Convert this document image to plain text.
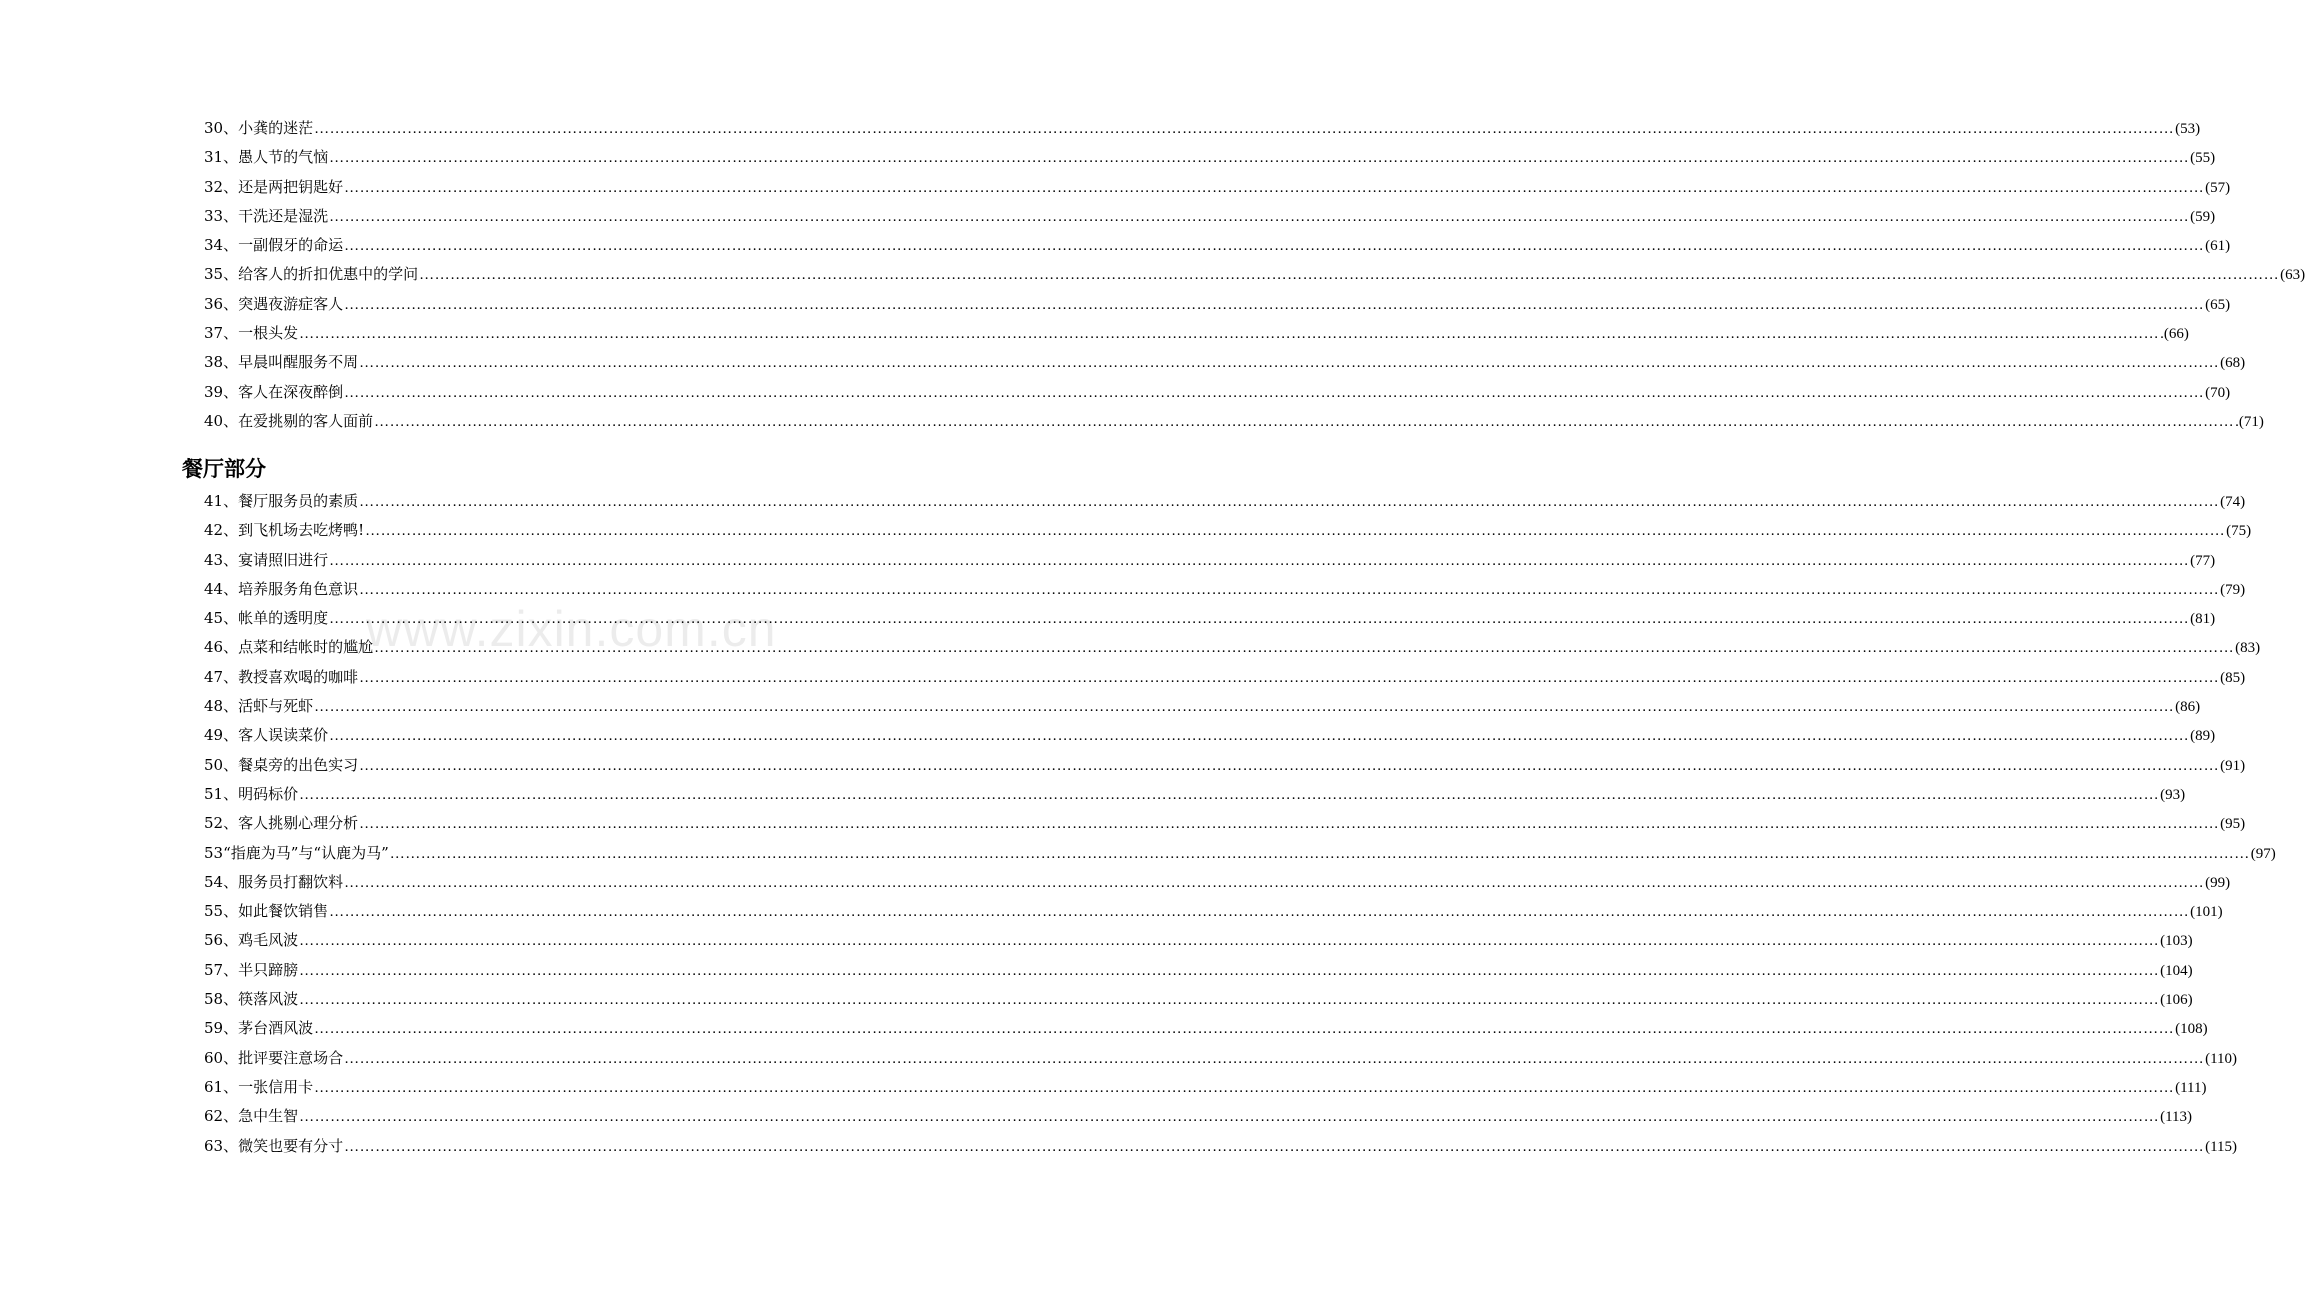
www.zixin.com.cn
30、小龚的迷茫 ……………………………………………………………………………………………………………………………………………………………………………………………………………………………………………………………………………………………………………………………… (53)
31、愚人节的气恼 ……………………………………………………………………………………………………………………………………………………………………………………………………………………………………………………………………………………………………………………………… (55)
32、还是两把钥匙好 ……………………………………………………………………………………………………………………………………………………………………………………………………………………………………………………………………………………………………………………………… (57)
33、干洗还是湿洗 ……………………………………………………………………………………………………………………………………………………………………………………………………………………………………………………………………………………………………………………………… (59)
34、一副假牙的命运 ……………………………………………………………………………………………………………………………………………………………………………………………………………………………………………………………………………………………………………………………… (61)
35、给客人的折扣优惠中的学问 ……………………………………………………………………………………………………………………………………………………………………………………………………………………………………………………………………………………………………………………………… (63)
36、突遇夜游症客人 ……………………………………………………………………………………………………………………………………………………………………………………………………………………………………………………………………………………………………………………………… (65)
37、一根头发 ……………………………………………………………………………………………………………………………………………………………………………………………………………………………………………………………………………………………………………………………… .(66)
38、早晨叫醒服务不周 ……………………………………………………………………………………………………………………………………………………………………………………………………………………………………………………………………………………………………………………………… (68)
39、客人在深夜醉倒 ……………………………………………………………………………………………………………………………………………………………………………………………………………………………………………………………………………………………………………………………… (70)
40、在爱挑剔的客人面前 ……………………………………………………………………………………………………………………………………………………………………………………………………………………………………………………………………………………………………………………………… .(71)
餐厅部分
41、餐厅服务员的素质 ……………………………………………………………………………………………………………………………………………………………………………………………………………………………………………………………………………………………………………………………… (74)
42、到飞机场去吃烤鸭! ……………………………………………………………………………………………………………………………………………………………………………………………………………………………………………………………………………………………………………………………… (75)
43、宴请照旧进行 ……………………………………………………………………………………………………………………………………………………………………………………………………………………………………………………………………………………………………………………………… (77)
44、培养服务角色意识 ……………………………………………………………………………………………………………………………………………………………………………………………………………………………………………………………………………………………………………………………… (79)
45、帐单的透明度 ……………………………………………………………………………………………………………………………………………………………………………………………………………………………………………………………………………………………………………………………… (81)
46、点菜和结帐时的尴尬 ……………………………………………………………………………………………………………………………………………………………………………………………………………………………………………………………………………………………………………………………… (83)
47、教授喜欢喝的咖啡 ……………………………………………………………………………………………………………………………………………………………………………………………………………………………………………………………………………………………………………………………… (85)
48、活虾与死虾 ……………………………………………………………………………………………………………………………………………………………………………………………………………………………………………………………………………………………………………………………… (86)
49、客人误读菜价 ……………………………………………………………………………………………………………………………………………………………………………………………………………………………………………………………………………………………………………………………… (89)
50、餐桌旁的出色实习 ……………………………………………………………………………………………………………………………………………………………………………………………………………………………………………………………………………………………………………………………… (91)
51、明码标价 ……………………………………………………………………………………………………………………………………………………………………………………………………………………………………………………………………………………………………………………………… (93)
52、客人挑剔心理分析 ……………………………………………………………………………………………………………………………………………………………………………………………………………………………………………………………………………………………………………………………… (95)
53“指鹿为马”与“认鹿为马” ……………………………………………………………………………………………………………………………………………………………………………………………………………………………………………………………………………………………………………………………… (97)
54、服务员打翻饮料 ……………………………………………………………………………………………………………………………………………………………………………………………………………………………………………………………………………………………………………………………… (99)
55、如此餐饮销售 ……………………………………………………………………………………………………………………………………………………………………………………………………………………………………………………………………………………………………………………………… (101)
56、鸡毛风波 ……………………………………………………………………………………………………………………………………………………………………………………………………………………………………………………………………………………………………………………………… (103)
57、半只蹄膀 ……………………………………………………………………………………………………………………………………………………………………………………………………………………………………………………………………………………………………………………………… (104)
58、筷落风波 ……………………………………………………………………………………………………………………………………………………………………………………………………………………………………………………………………………………………………………………………… (106)
59、茅台酒风波 ……………………………………………………………………………………………………………………………………………………………………………………………………………………………………………………………………………………………………………………………… (108)
60、批评要注意场合 ……………………………………………………………………………………………………………………………………………………………………………………………………………………………………………………………………………………………………………………………… (110)
61、一张信用卡 ……………………………………………………………………………………………………………………………………………………………………………………………………………………………………………………………………………………………………………………………… (111)
62、急中生智 ……………………………………………………………………………………………………………………………………………………………………………………………………………………………………………………………………………………………………………………………… (113)
63、微笑也要有分寸 ……………………………………………………………………………………………………………………………………………………………………………………………………………………………………………………………………………………………………………………………… (115)
